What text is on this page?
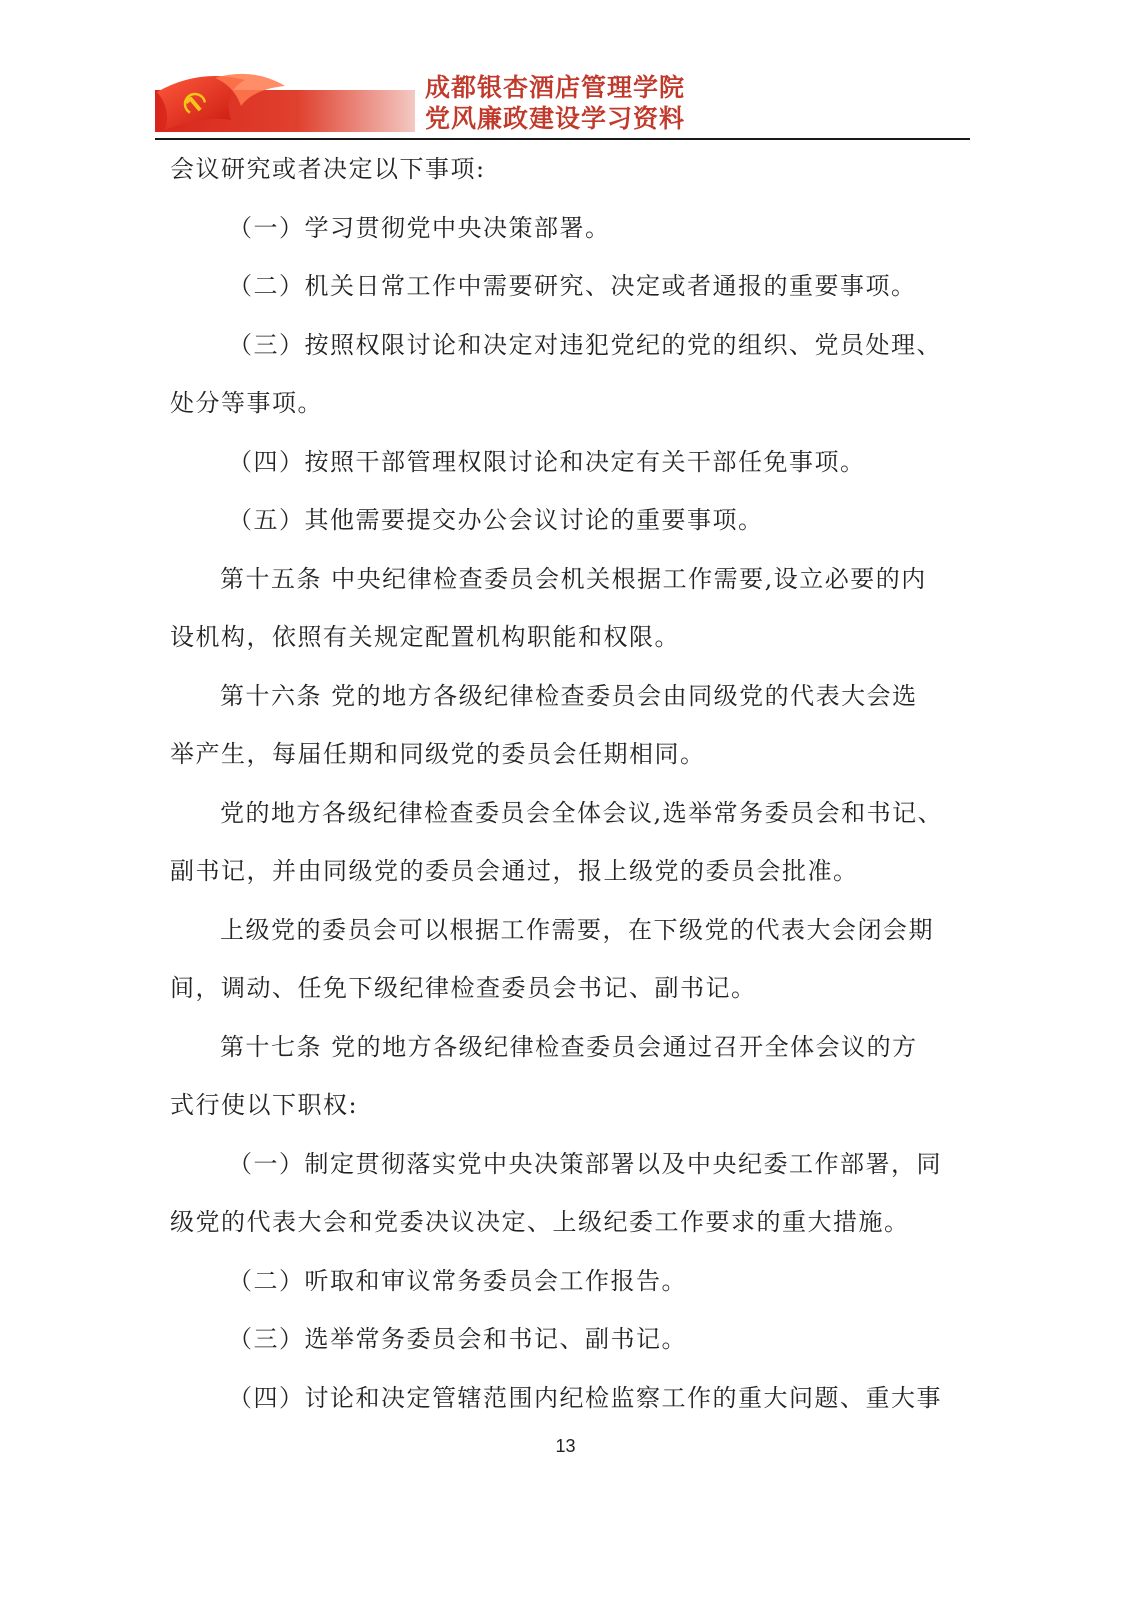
成都银杏酒店管理学院
党风廉政建设学习资料

会议研究或者决定以下事项:

（一）学习贯彻党中央决策部署。

（二）机关日常工作中需要研究、决定或者通报的重要事项。

（三）按照权限讨论和决定对违犯党纪的党的组织、党员处理、

处分等事项。

（四）按照干部管理权限讨论和决定有关干部任免事项。

（五）其他需要提交办公会议讨论的重要事项。

第十五条 中央纪律检查委员会机关根据工作需要,设立必要的内

设机构，依照有关规定配置机构职能和权限。

第十六条 党的地方各级纪律检查委员会由同级党的代表大会选

举产生，每届任期和同级党的委员会任期相同。

党的地方各级纪律检查委员会全体会议,选举常务委员会和书记、

副书记，并由同级党的委员会通过，报上级党的委员会批准。

上级党的委员会可以根据工作需要，在下级党的代表大会闭会期

间，调动、任免下级纪律检查委员会书记、副书记。

第十七条 党的地方各级纪律检查委员会通过召开全体会议的方

式行使以下职权:

（一）制定贯彻落实党中央决策部署以及中央纪委工作部署，同

级党的代表大会和党委决议决定、上级纪委工作要求的重大措施。

（二）听取和审议常务委员会工作报告。

（三）选举常务委员会和书记、副书记。

（四）讨论和决定管辖范围内纪检监察工作的重大问题、重大事

13
